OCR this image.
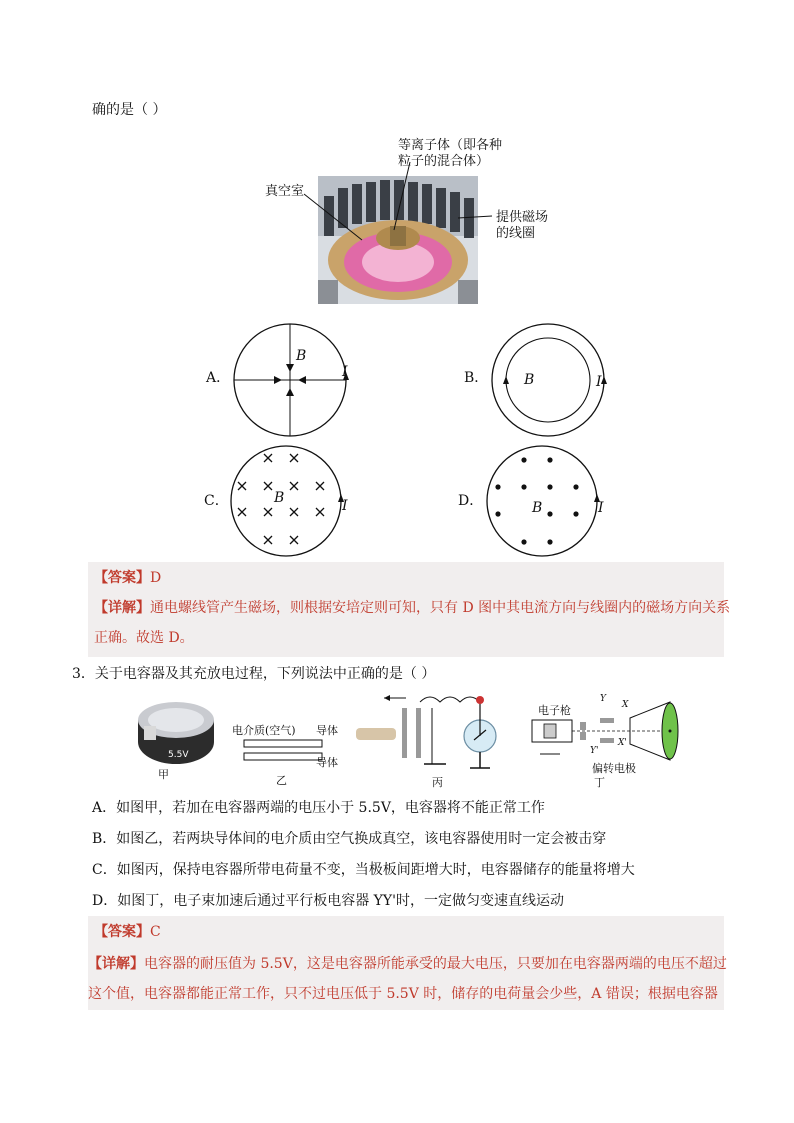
确的是（ ）
等离子体（即各种
粒子的混合体）
真空室
提供磁场
的线圈
A．
B
I	B．	B	I
C．	B	I	D．	B	I
【答案】D
【详解】通电螺线管产生磁场，则根据安培定则可知，只有 D 图中其电流方向与线圈内的磁场方向关系
正确。故选 D。
3．关于电容器及其充放电过程，下列说法中正确的是（ ）
5.5V
甲
电介质(空气) 导体
导体
乙	丙
电子枪
Y
X
Y'
X'
偏转电极
丁
A．如图甲，若加在电容器两端的电压小于 5.5V，电容器将不能正常工作
B．如图乙，若两块导体间的电介质由空气换成真空，该电容器使用时一定会被击穿
C．如图丙，保持电容器所带电荷量不变，当极板间距增大时，电容器储存的能量将增大
D．如图丁，电子束加速后通过平行板电容器 YY'时，一定做匀变速直线运动
【答案】C
【详解】电容器的耐压值为 5.5V，这是电容器所能承受的最大电压，只要加在电容器两端的电压不超过
这个值，电容器都能正常工作，只不过电压低于 5.5V 时，储存的电荷量会少些，A 错误；根据电容器
